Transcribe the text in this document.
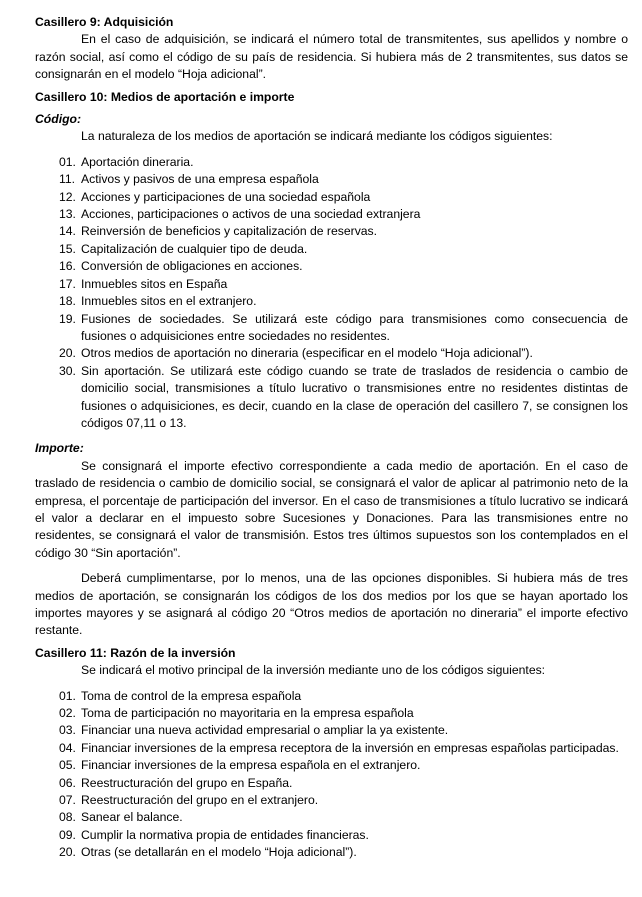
Casillero 9: Adquisición

En el caso de adquisición, se indicará el número total de transmitentes, sus apellidos y nombre o razón social, así como el código de su país de residencia. Si hubiera más de 2 transmitentes, sus datos se consignarán en el modelo “Hoja adicional”.

Casillero 10: Medios de aportación e importe

Código:

La naturaleza de los medios de aportación se indicará mediante los códigos siguientes:

01. Aportación dineraria.
11. Activos y pasivos de una empresa española
12. Acciones y participaciones de una sociedad española
13. Acciones, participaciones o activos de una sociedad extranjera
14. Reinversión de beneficios y capitalización de reservas.
15. Capitalización de cualquier tipo de deuda.
16. Conversión de obligaciones en acciones.
17. Inmuebles sitos en España
18. Inmuebles sitos en el extranjero.
19. Fusiones de sociedades. Se utilizará este código para transmisiones como consecuencia de fusiones o adquisiciones entre sociedades no residentes.
20. Otros medios de aportación no dineraria (especificar en el modelo “Hoja adicional”).
30. Sin aportación. Se utilizará este código cuando se trate de traslados de residencia o cambio de domicilio social, transmisiones a título lucrativo o transmisiones entre no residentes distintas de fusiones o adquisiciones, es decir, cuando en la clase de operación del casillero 7, se consignen los códigos 07,11 o 13.

Importe:

Se consignará el importe efectivo correspondiente a cada medio de aportación. En el caso de traslado de residencia o cambio de domicilio social, se consignará el valor de aplicar al patrimonio neto de la empresa, el porcentaje de participación del inversor. En el caso de transmisiones a título lucrativo se indicará el valor a declarar en el impuesto sobre Sucesiones y Donaciones. Para las transmisiones entre no residentes, se consignará el valor de transmisión. Estos tres últimos supuestos son los contemplados en el código 30 “Sin aportación”.

Deberá cumplimentarse, por lo menos, una de las opciones disponibles. Si hubiera más de tres medios de aportación, se consignarán los códigos de los dos medios por los que se hayan aportado los importes mayores y se asignará al código 20 “Otros medios de aportación no dineraria” el importe efectivo restante.

Casillero 11: Razón de la inversión

Se indicará el motivo principal de la inversión mediante uno de los códigos siguientes:

01. Toma de control de la empresa española
02. Toma de participación no mayoritaria en la empresa española
03. Financiar una nueva actividad empresarial o ampliar la ya existente.
04. Financiar inversiones de la empresa receptora de la inversión en empresas españolas participadas.
05. Financiar inversiones de la empresa española en el extranjero.
06. Reestructuración del grupo en España.
07. Reestructuración del grupo en el extranjero.
08. Sanear el balance.
09. Cumplir la normativa propia de entidades financieras.
20. Otras (se detallarán en el modelo “Hoja adicional”).
